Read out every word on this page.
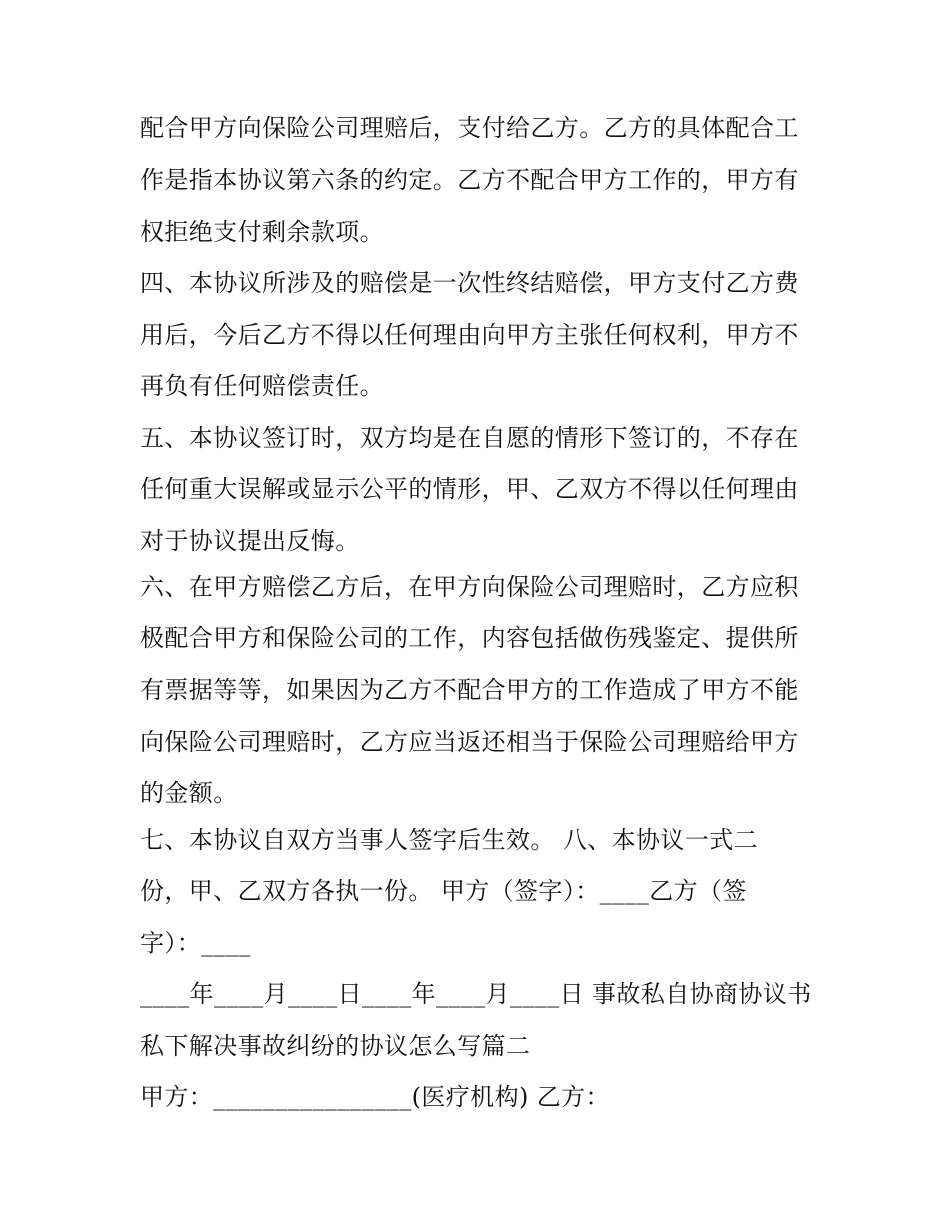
配合甲方向保险公司理赔后，支付给乙方。乙方的具体配合工
作是指本协议第六条的约定。乙方不配合甲方工作的，甲方有
权拒绝支付剩余款项。
四、本协议所涉及的赔偿是一次性终结赔偿，甲方支付乙方费
用后，今后乙方不得以任何理由向甲方主张任何权利，甲方不
再负有任何赔偿责任。
五、本协议签订时，双方均是在自愿的情形下签订的，不存在
任何重大误解或显示公平的情形，甲、乙双方不得以任何理由
对于协议提出反悔。
六、在甲方赔偿乙方后，在甲方向保险公司理赔时，乙方应积
极配合甲方和保险公司的工作，内容包括做伤残鉴定、提供所
有票据等等，如果因为乙方不配合甲方的工作造成了甲方不能
向保险公司理赔时，乙方应当返还相当于保险公司理赔给甲方
的金额。
七、本协议自双方当事人签字后生效。 八、本协议一式二
份，甲、乙双方各执一份。 甲方（签字）：____乙方（签
字）：____
____年____月____日____年____月____日 事故私自协商协议书
私下解决事故纠纷的协议怎么写篇二
甲方：________________(医疗机构) 乙方：
